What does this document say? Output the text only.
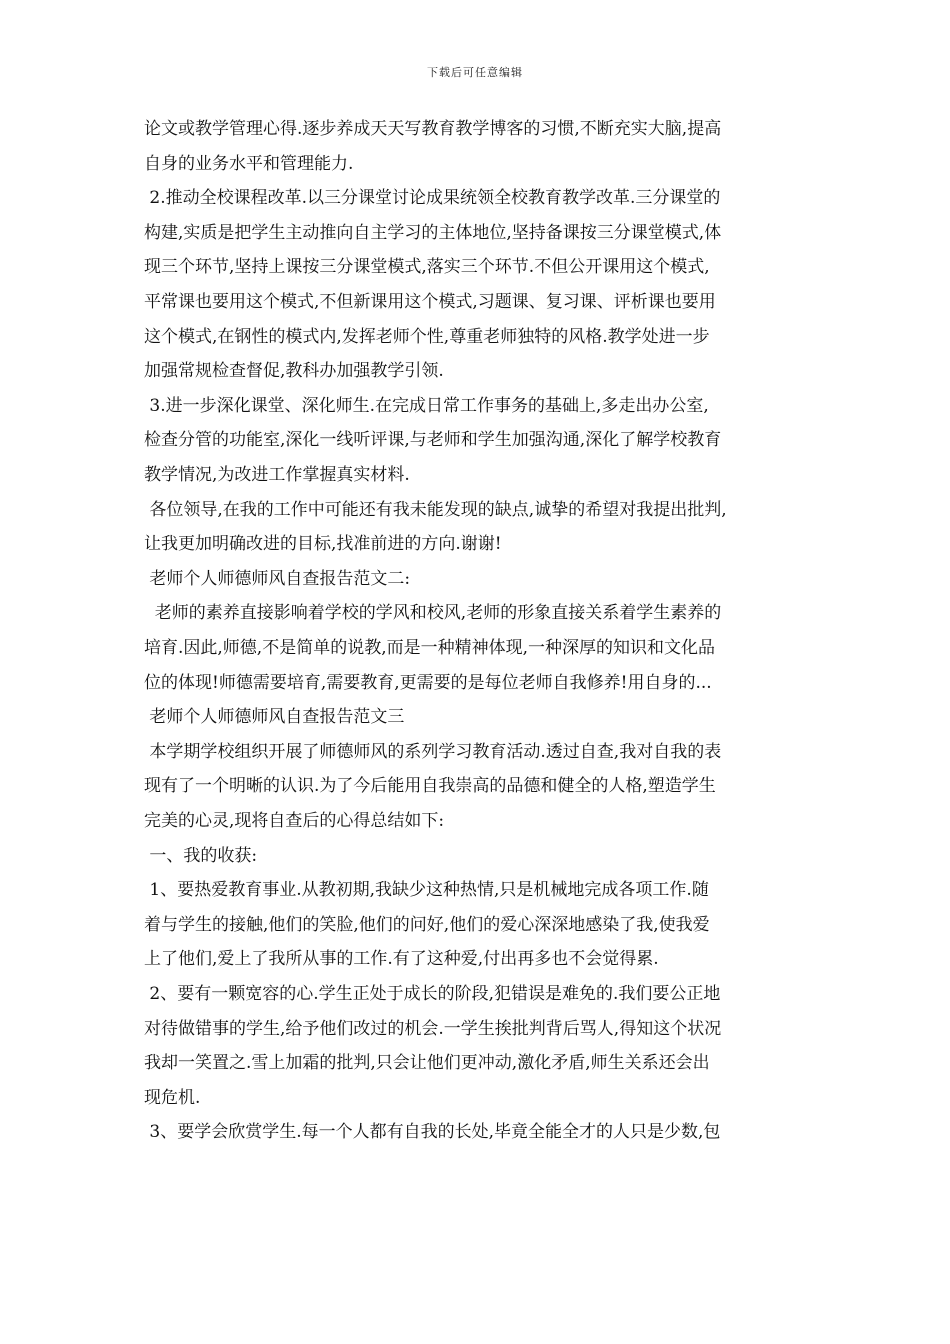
下载后可任意编辑
论文或教学管理心得.逐步养成天天写教育教学博客的习惯,不断充实大脑,提高
自身的业务水平和管理能力.
2.推动全校课程改革.以三分课堂讨论成果统领全校教育教学改革.三分课堂的
构建,实质是把学生主动推向自主学习的主体地位,坚持备课按三分课堂模式,体
现三个环节,坚持上课按三分课堂模式,落实三个环节.不但公开课用这个模式,
平常课也要用这个模式,不但新课用这个模式,习题课、复习课、评析课也要用
这个模式,在钢性的模式内,发挥老师个性,尊重老师独特的风格.教学处进一步
加强常规检查督促,教科办加强教学引领.
3.进一步深化课堂、深化师生.在完成日常工作事务的基础上,多走出办公室,
检查分管的功能室,深化一线听评课,与老师和学生加强沟通,深化了解学校教育
教学情况,为改进工作掌握真实材料.
各位领导,在我的工作中可能还有我未能发现的缺点,诚挚的希望对我提出批判,
让我更加明确改进的目标,找准前进的方向.谢谢!
老师个人师德师风自查报告范文二:
老师的素养直接影响着学校的学风和校风,老师的形象直接关系着学生素养的
培育.因此,师德,不是简单的说教,而是一种精神体现,一种深厚的知识和文化品
位的体现!师德需要培育,需要教育,更需要的是每位老师自我修养!用自身的...
老师个人师德师风自查报告范文三
本学期学校组织开展了师德师风的系列学习教育活动.透过自查,我对自我的表
现有了一个明晰的认识.为了今后能用自我崇高的品德和健全的人格,塑造学生
完美的心灵,现将自查后的心得总结如下:
一、我的收获:
1、要热爱教育事业.从教初期,我缺少这种热情,只是机械地完成各项工作.随
着与学生的接触,他们的笑脸,他们的问好,他们的爱心深深地感染了我,使我爱
上了他们,爱上了我所从事的工作.有了这种爱,付出再多也不会觉得累.
2、要有一颗宽容的心.学生正处于成长的阶段,犯错误是难免的.我们要公正地
对待做错事的学生,给予他们改过的机会.一学生挨批判背后骂人,得知这个状况
我却一笑置之.雪上加霜的批判,只会让他们更冲动,激化矛盾,师生关系还会出
现危机.
3、要学会欣赏学生.每一个人都有自我的长处,毕竟全能全才的人只是少数,包
